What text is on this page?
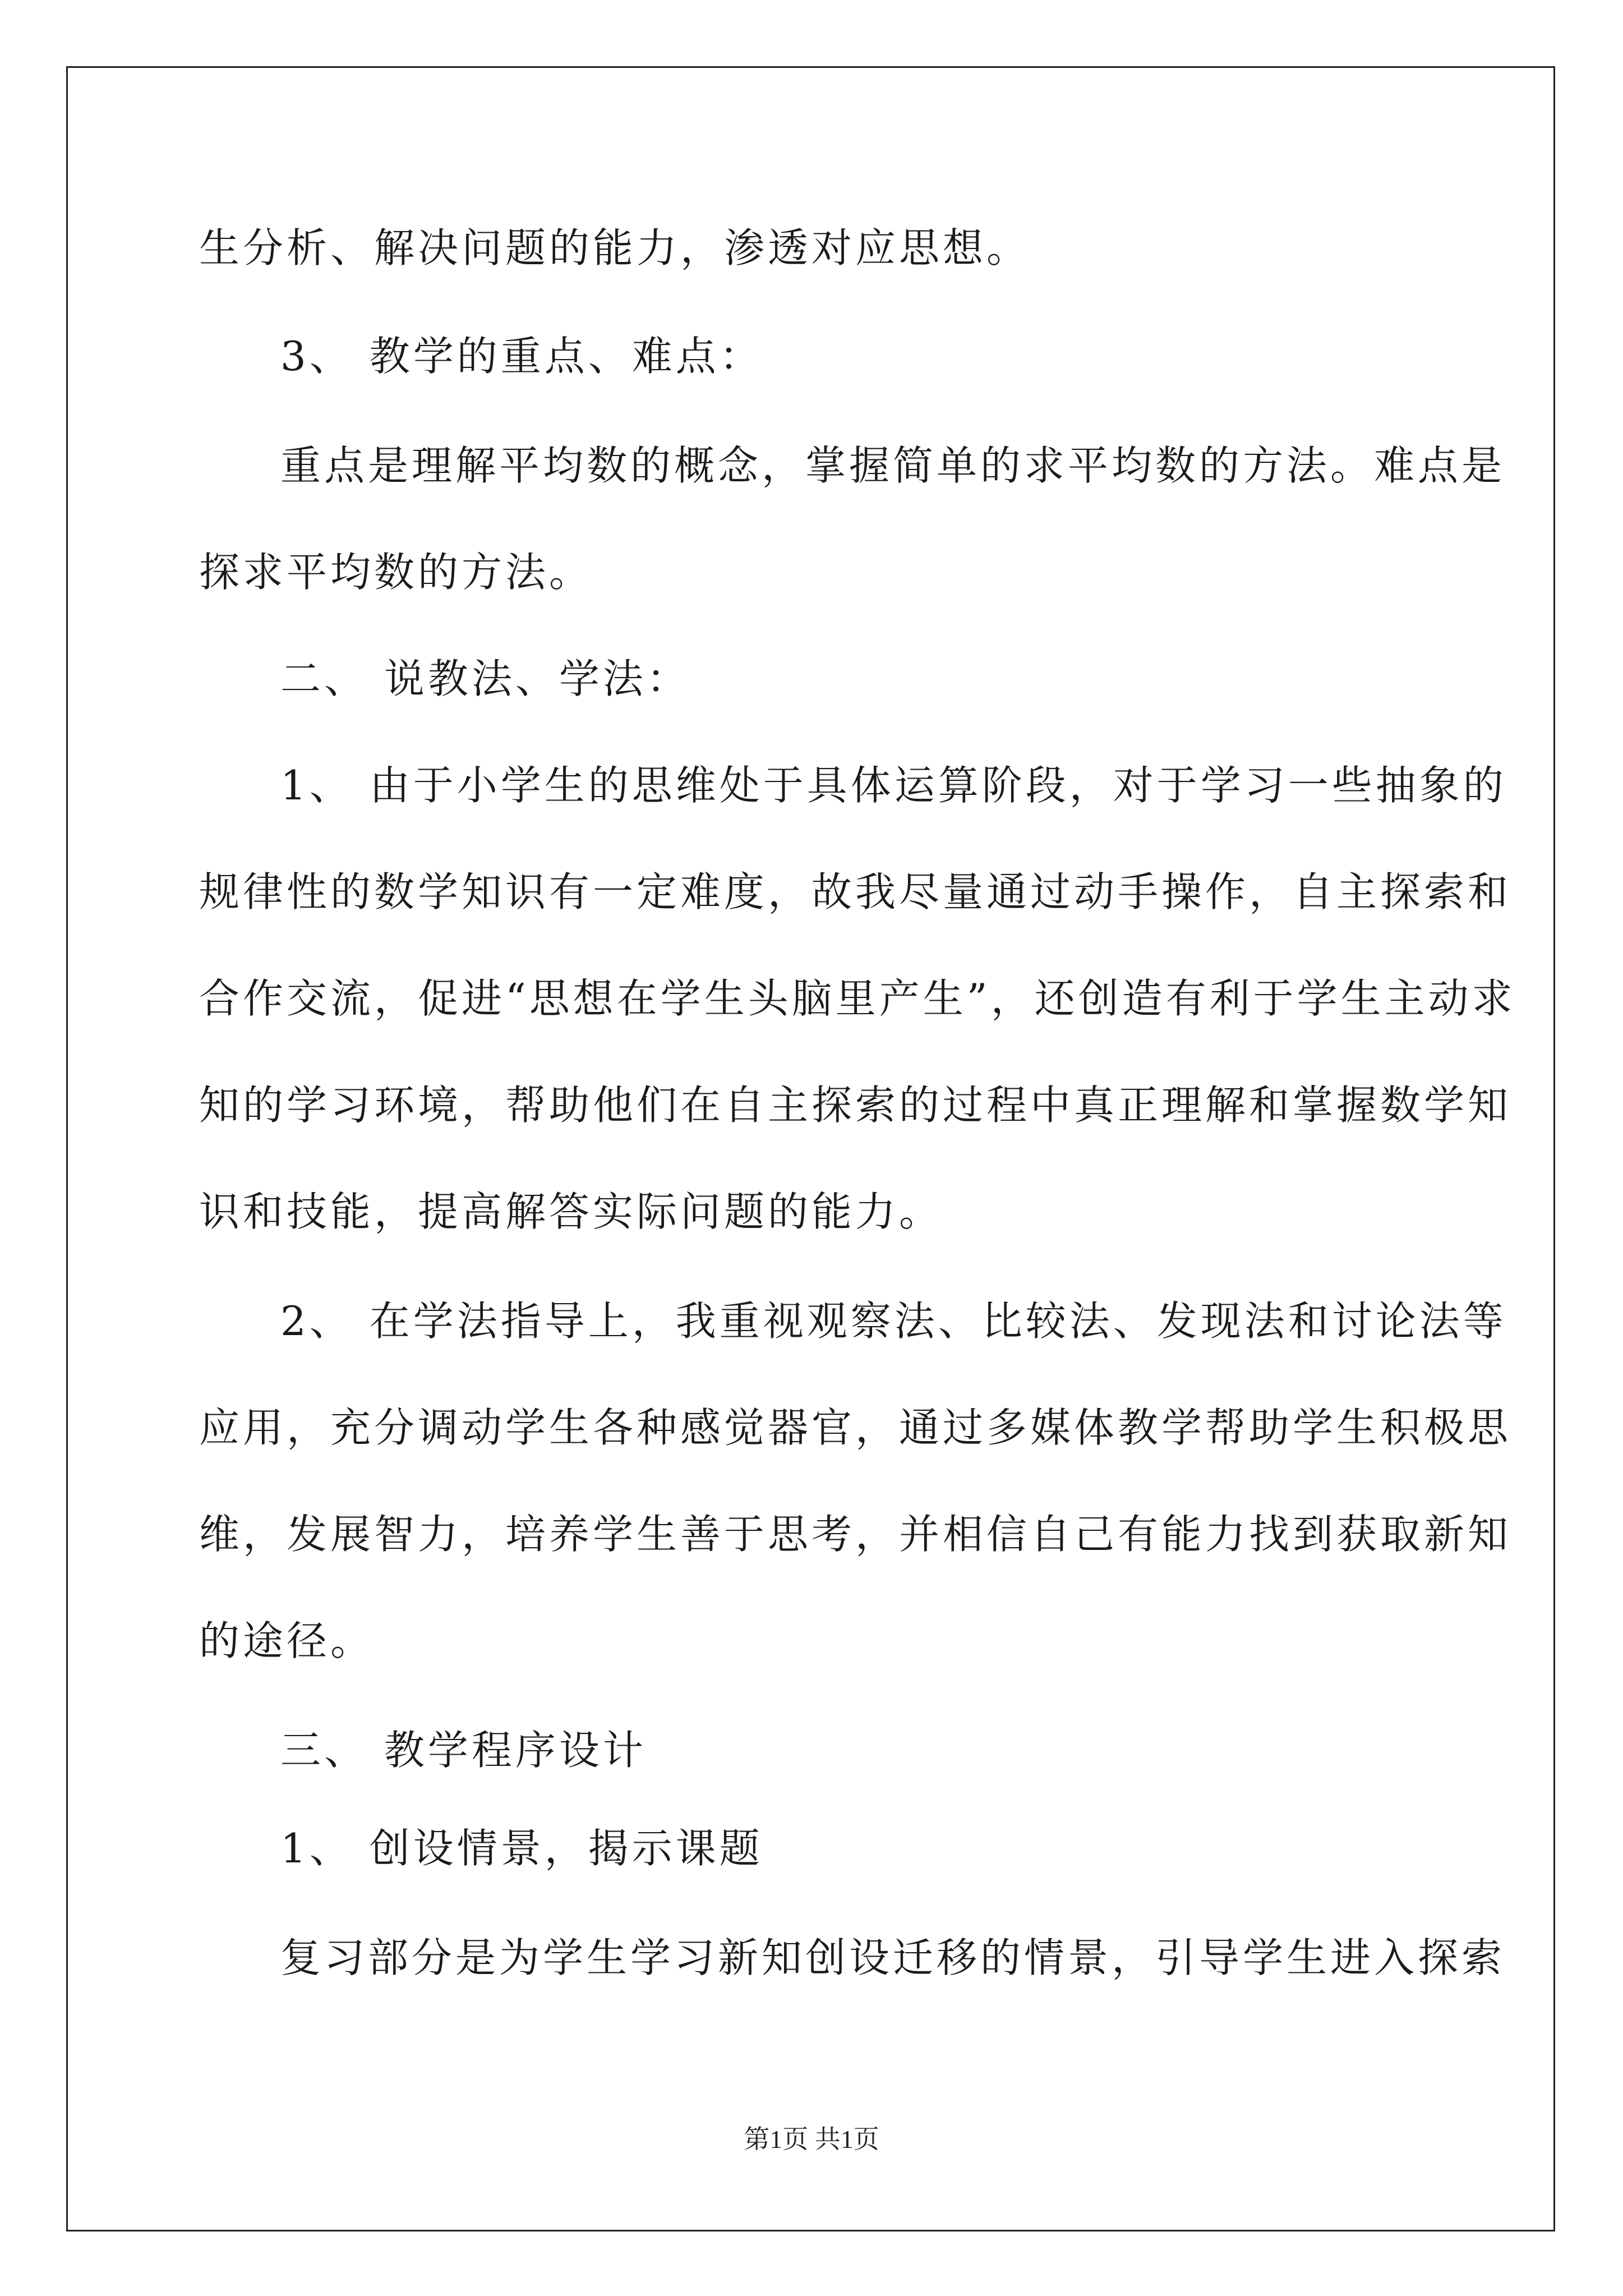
生分析、解决问题的能力，渗透对应思想。
3、 教学的重点、难点：
重点是理解平均数的概念，掌握简单的求平均数的方法。难点是
探求平均数的方法。
二、 说教法、学法：
1、 由于小学生的思维处于具体运算阶段，对于学习一些抽象的
规律性的数学知识有一定难度，故我尽量通过动手操作，自主探索和
合作交流，促进“思想在学生头脑里产生”，还创造有利于学生主动求
知的学习环境，帮助他们在自主探索的过程中真正理解和掌握数学知
识和技能，提高解答实际问题的能力。
2、 在学法指导上，我重视观察法、比较法、发现法和讨论法等
应用，充分调动学生各种感觉器官，通过多媒体教学帮助学生积极思
维，发展智力，培养学生善于思考，并相信自己有能力找到获取新知
的途径。
三、 教学程序设计
1、 创设情景，揭示课题
复习部分是为学生学习新知创设迁移的情景，引导学生进入探索
第1页 共1页
